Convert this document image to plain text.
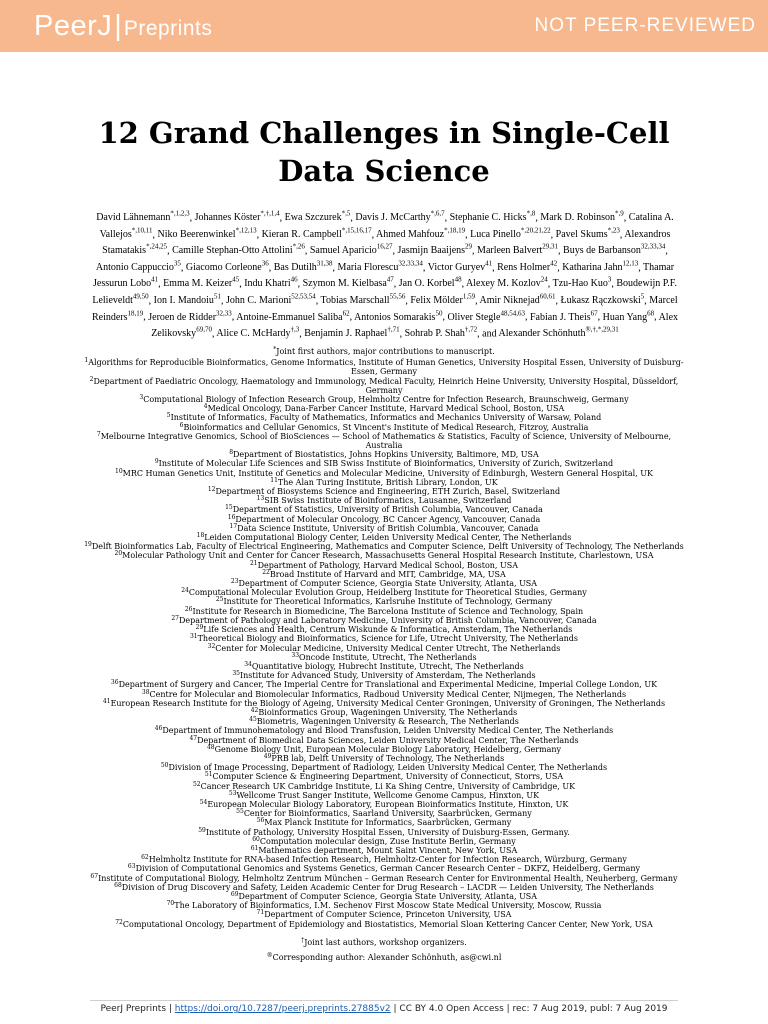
PeerJ | Preprints	NOT PEER-REVIEWED
12 Grand Challenges in Single-Cell Data Science
David Lähnemann$^{*,1,2,3}$, Johannes Köster$^{*,\dagger,1,4}$, Ewa Szczurek$^{*,5}$, Davis J. McCarthy$^{*,6,7}$, Stephanie C. Hicks$^{*,8}$, Mark D. Robinson$^{*,9}$, Catalina A. Vallejos$^{*,10,11}$, Niko Beerenwinkel$^{*,12,13}$, Kieran R. Campbell$^{*,15,16,17}$, Ahmed Mahfouz$^{*,18,19}$, Luca Pinello$^{*,20,21,22}$, Pavel Skums$^{*,23}$, Alexandros Stamatakis$^{*,24,25}$, Camille Stephan-Otto Attolini$^{*,26}$, Samuel Aparicio$^{16,27}$, Jasmijn Baaijens$^{29}$, Marleen Balvert$^{29,31}$, Buys de Barbanson$^{32,33,34}$, Antonio Cappuccio$^{35}$, Giacomo Corleone$^{36}$, Bas Dutilh$^{31,38}$, Maria Florescu$^{32,33,34}$, Victor Guryev$^{41}$, Rens Holmer$^{42}$, Katharina Jahn$^{12,13}$, Thamar Jessurun Lobo$^{41}$, Emma M. Keizer$^{45}$, Indu Khatri$^{46}$, Szymon M. Kielbasa$^{47}$, Jan O. Korbel$^{48}$, Alexey M. Kozlov$^{24}$, Tzu-Hao Kuo$^3$, Boudewijn P.F. Lelieveldt$^{49,50}$, Ion I. Mandoiu$^{51}$, John C. Marioni$^{52,53,54}$, Tobias Marschall$^{55,56}$, Felix Mölder$^{1,59}$, Amir Niknejad$^{60,61}$, Łukasz Rączkowski$^5$, Marcel Reinders$^{18,19}$, Jeroen de Ridder$^{32,33}$, Antoine-Emmanuel Saliba$^{62}$, Antonios Somarakis$^{50}$, Oliver Stegle$^{48,54,63}$, Fabian J. Theis$^{67}$, Huan Yang$^{68}$, Alex Zelikovsky$^{69,70}$, Alice C. McHardy$^{\dagger,3}$, Benjamin J. Raphael$^{\dagger,71}$, Sohrab P. Shah$^{\dagger,72}$, and Alexander Schönhuth$^{®,\dagger,*,29,31}$

*Joint first authors, major contributions to manuscript.

$^1$Algorithms for Reproducible Bioinformatics, Genome Informatics, Institute of Human Genetics, University Hospital Essen, University of Duisburg-Essen, Germany

$^2$Department of Paediatric Oncology, Haematology and Immunology, Medical Faculty, Heinrich Heine University, University Hospital, Düsseldorf, Germany

$^3$Computational Biology of Infection Research Group, Helmholtz Centre for Infection Research, Braunschweig, Germany

$^4$Medical Oncology, Dana-Farber Cancer Institute, Harvard Medical School, Boston, USA

$^5$Institute of Informatics, Faculty of Mathematics, Informatics and Mechanics University of Warsaw, Poland

$^6$Bioinformatics and Cellular Genomics, St Vincent's Institute of Medical Research, Fitzroy, Australia

$^7$Melbourne Integrative Genomics, School of BioSciences — School of Mathematics & Statistics, Faculty of Science, University of Melbourne, Australia

$^8$Department of Biostatistics, Johns Hopkins University, Baltimore, MD, USA

$^9$Institute of Molecular Life Sciences and SIB Swiss Institute of Bioinformatics, University of Zurich, Switzerland

$^{10}$MRC Human Genetics Unit, Institute of Genetics and Molecular Medicine, University of Edinburgh, Western General Hospital, UK

$^{11}$The Alan Turing Institute, British Library, London, UK

$^{12}$Department of Biosystems Science and Engineering, ETH Zurich, Basel, Switzerland

$^{13}$SIB Swiss Institute of Bioinformatics, Lausanne, Switzerland

$^{15}$Department of Statistics, University of British Columbia, Vancouver, Canada

$^{16}$Department of Molecular Oncology, BC Cancer Agency, Vancouver, Canada

$^{17}$Data Science Institute, University of British Columbia, Vancouver, Canada

$^{18}$Leiden Computational Biology Center, Leiden University Medical Center, The Netherlands

$^{19}$Delft Bioinformatics Lab, Faculty of Electrical Engineering, Mathematics and Computer Science, Delft University of Technology, The Netherlands

$^{20}$Molecular Pathology Unit and Center for Cancer Research, Massachusetts General Hospital Research Institute, Charlestown, USA

$^{21}$Department of Pathology, Harvard Medical School, Boston, USA

$^{22}$Broad Institute of Harvard and MIT, Cambridge, MA, USA

$^{23}$Department of Computer Science, Georgia State University, Atlanta, USA

$^{24}$Computational Molecular Evolution Group, Heidelberg Institute for Theoretical Studies, Germany

$^{25}$Institute for Theoretical Informatics, Karlsruhe Institute of Technology, Germany

$^{26}$Institute for Research in Biomedicine, The Barcelona Institute of Science and Technology, Spain

$^{27}$Department of Pathology and Laboratory Medicine, University of British Columbia, Vancouver, Canada

$^{29}$Life Sciences and Health, Centrum Wiskunde & Informatica, Amsterdam, The Netherlands

$^{31}$Theoretical Biology and Bioinformatics, Science for Life, Utrecht University, The Netherlands

$^{32}$Center for Molecular Medicine, University Medical Center Utrecht, The Netherlands

$^{33}$Oncode Institute, Utrecht, The Netherlands

$^{34}$Quantitative biology, Hubrecht Institute, Utrecht, The Netherlands

$^{35}$Institute for Advanced Study, University of Amsterdam, The Netherlands

$^{36}$Department of Surgery and Cancer, The Imperial Centre for Translational and Experimental Medicine, Imperial College London, UK

$^{38}$Centre for Molecular and Biomolecular Informatics, Radboud University Medical Center, Nijmegen, The Netherlands

$^{41}$European Research Institute for the Biology of Ageing, University Medical Center Groningen, University of Groningen, The Netherlands

$^{42}$Bioinformatics Group, Wageningen University, The Netherlands

$^{45}$Biometris, Wageningen University & Research, The Netherlands

$^{46}$Department of Immunohematology and Blood Transfusion, Leiden University Medical Center, The Netherlands

$^{47}$Department of Biomedical Data Sciences, Leiden University Medical Center, The Netherlands

$^{48}$Genome Biology Unit, European Molecular Biology Laboratory, Heidelberg, Germany

$^{49}$PRB lab, Delft University of Technology, The Netherlands

$^{50}$Division of Image Processing, Department of Radiology, Leiden University Medical Center, The Netherlands

$^{51}$Computer Science & Engineering Department, University of Connecticut, Storrs, USA

$^{52}$Cancer Research UK Cambridge Institute, Li Ka Shing Centre, University of Cambridge, UK

$^{53}$Wellcome Trust Sanger Institute, Wellcome Genome Campus, Hinxton, UK

$^{54}$European Molecular Biology Laboratory, European Bioinformatics Institute, Hinxton, UK

$^{55}$Center for Bioinformatics, Saarland University, Saarbrücken, Germany

$^{56}$Max Planck Institute for Informatics, Saarbrücken, Germany

$^{59}$Institute of Pathology, University Hospital Essen, University of Duisburg-Essen, Germany.

$^{60}$Computation molecular design, Zuse Institute Berlin, Germany

$^{61}$Mathematics department, Mount Saint Vincent, New York, USA

$^{62}$Helmholtz Institute for RNA-based Infection Research, Helmholtz-Center for Infection Research, Würzburg, Germany

$^{63}$Division of Computational Genomics and Systems Genetics, German Cancer Research Center – DKFZ, Heidelberg, Germany

$^{67}$Institute of Computational Biology, Helmholtz Zentrum München – German Research Center for Environmental Health, Neuherberg, Germany

$^{68}$Division of Drug Discovery and Safety, Leiden Academic Center for Drug Research – LACDR — Leiden University, The Netherlands

$^{69}$Department of Computer Science, Georgia State University, Atlanta, USA

$^{70}$The Laboratory of Bioinformatics, I.M. Sechenov First Moscow State Medical University, Moscow, Russia

$^{71}$Department of Computer Science, Princeton University, USA

$^{72}$Computational Oncology, Department of Epidemiology and Biostatistics, Memorial Sloan Kettering Cancer Center, New York, USA

†Joint last authors, workshop organizers.

®Corresponding author: Alexander Schönhuth, as@cwi.nl

PeerJ Preprints | https://doi.org/10.7287/peerj.preprints.27885v2 | CC BY 4.0 Open Access | rec: 7 Aug 2019, publ: 7 Aug 2019
